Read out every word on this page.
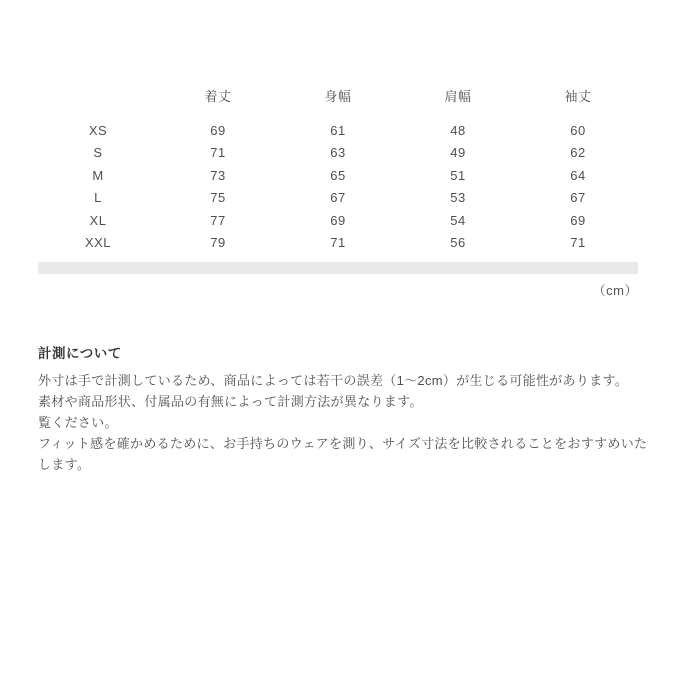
	着丈	身幅	肩幅	袖丈
XS	69	61	48	60
S	71	63	49	62
M	73	65	51	64
L	75	67	53	67
XL	77	69	54	69
XXL	79	71	56	71
（cm）
計測について

外寸は手で計測しているため、商品によっては若干の誤差（1～2cm）が生じる可能性があります。

素材や商品形状、付属品の有無によって計測方法が異なります。

覧ください。

フィット感を確かめるために、お手持ちのウェアを測り、サイズ寸法を比較されることをおすすめいたします。
